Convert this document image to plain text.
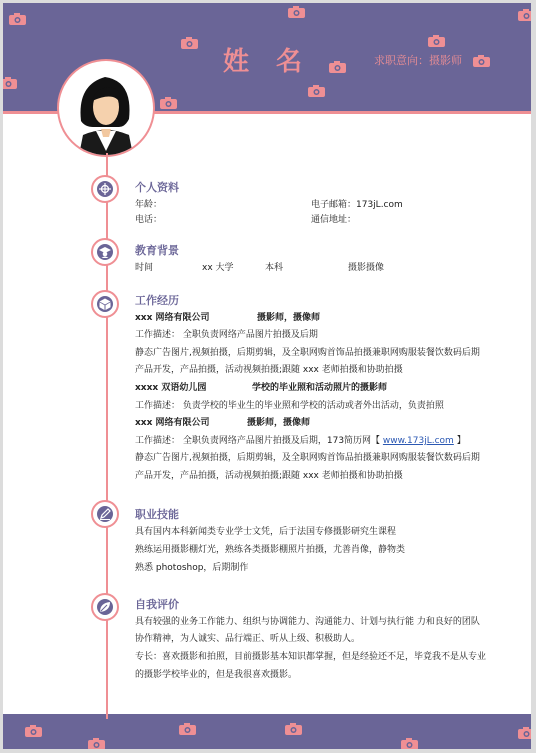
姓 名	求职意向：摄影师
个人资料
年龄：	电子邮箱：173jL.com
电话：	通信地址：
教育背景
时间	xx 大学	本科	摄影摄像
工作经历
xxx 网络有限公司	摄影师，摄像师
工作描述： 全职负责网络产品图片拍摄及后期
静态广告图片,视频拍摄，后期剪辑，及全职网购首饰品拍摄兼职网购服装餐饮数码后期
产品开发，产品拍摄，活动视频拍摄;跟随 xxx 老师拍摄和协助拍摄
xxxx 双语幼儿园	学校的毕业照和活动照片的摄影师
工作描述： 负责学校的毕业生的毕业照和学校的活动或者外出活动，负责拍照
xxx 网络有限公司	摄影师，摄像师
工作描述： 全职负责网络产品图片拍摄及后期，173简历网【 www.173jL.com 】
静态广告图片,视频拍摄，后期剪辑，及全职网购首饰品拍摄兼职网购服装餐饮数码后期
产品开发，产品拍摄，活动视频拍摄;跟随 xxx 老师拍摄和协助拍摄
职业技能
具有国内本科新闻类专业学士文凭，后于法国专修摄影研究生课程
熟练运用摄影棚灯光，熟练各类摄影棚照片拍摄，尤善肖像，静物类
熟悉 photoshop，后期制作
自我评价
具有较强的业务工作能力、组织与协调能力、沟通能力、计划与执行能 力和良好的团队
协作精神，为人诚实、品行端正、听从上级、积极助人。
专长：喜欢摄影和拍照，目前摄影基本知识都掌握，但是经验还不足，毕竟我不是从专业
的摄影学校毕业的，但是我很喜欢摄影。
